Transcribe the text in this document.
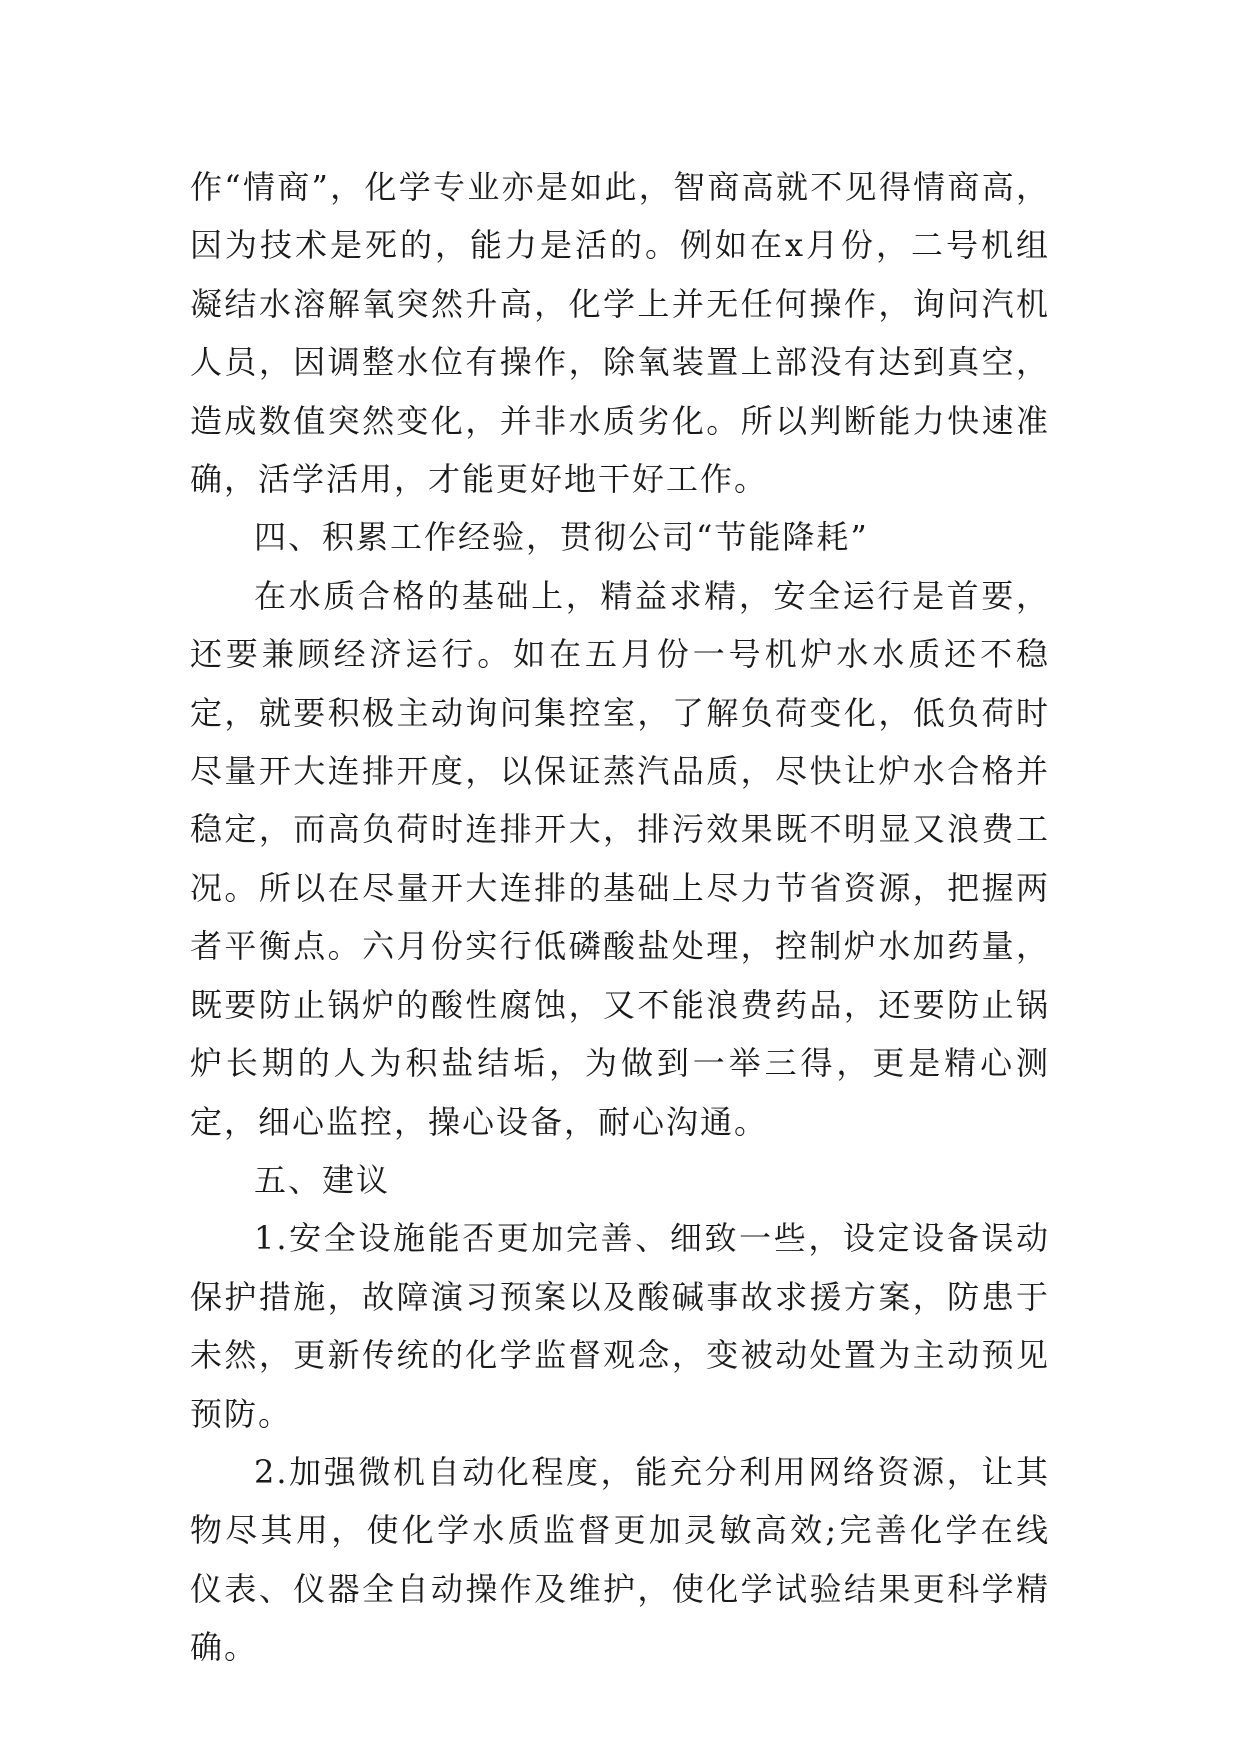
作“情商”，化学专业亦是如此，智商高就不见得情商高，因为技术是死的，能力是活的。例如在x月份，二号机组凝结水溶解氧突然升高，化学上并无任何操作，询问汽机人员，因调整水位有操作，除氧装置上部没有达到真空，造成数值突然变化，并非水质劣化。所以判断能力快速准确，活学活用，才能更好地干好工作。

四、积累工作经验，贯彻公司“节能降耗”

在水质合格的基础上，精益求精，安全运行是首要，还要兼顾经济运行。如在五月份一号机炉水水质还不稳定，就要积极主动询问集控室，了解负荷变化，低负荷时尽量开大连排开度，以保证蒸汽品质，尽快让炉水合格并稳定，而高负荷时连排开大，排污效果既不明显又浪费工况。所以在尽量开大连排的基础上尽力节省资源，把握两者平衡点。六月份实行低磷酸盐处理，控制炉水加药量，既要防止锅炉的酸性腐蚀，又不能浪费药品，还要防止锅炉长期的人为积盐结垢，为做到一举三得，更是精心测定，细心监控，操心设备，耐心沟通。

五、建议

1.安全设施能否更加完善、细致一些，设定设备误动保护措施，故障演习预案以及酸碱事故求援方案，防患于未然，更新传统的化学监督观念，变被动处置为主动预见预防。

2.加强微机自动化程度，能充分利用网络资源，让其物尽其用，使化学水质监督更加灵敏高效;完善化学在线仪表、仪器全自动操作及维护，使化学试验结果更科学精确。
